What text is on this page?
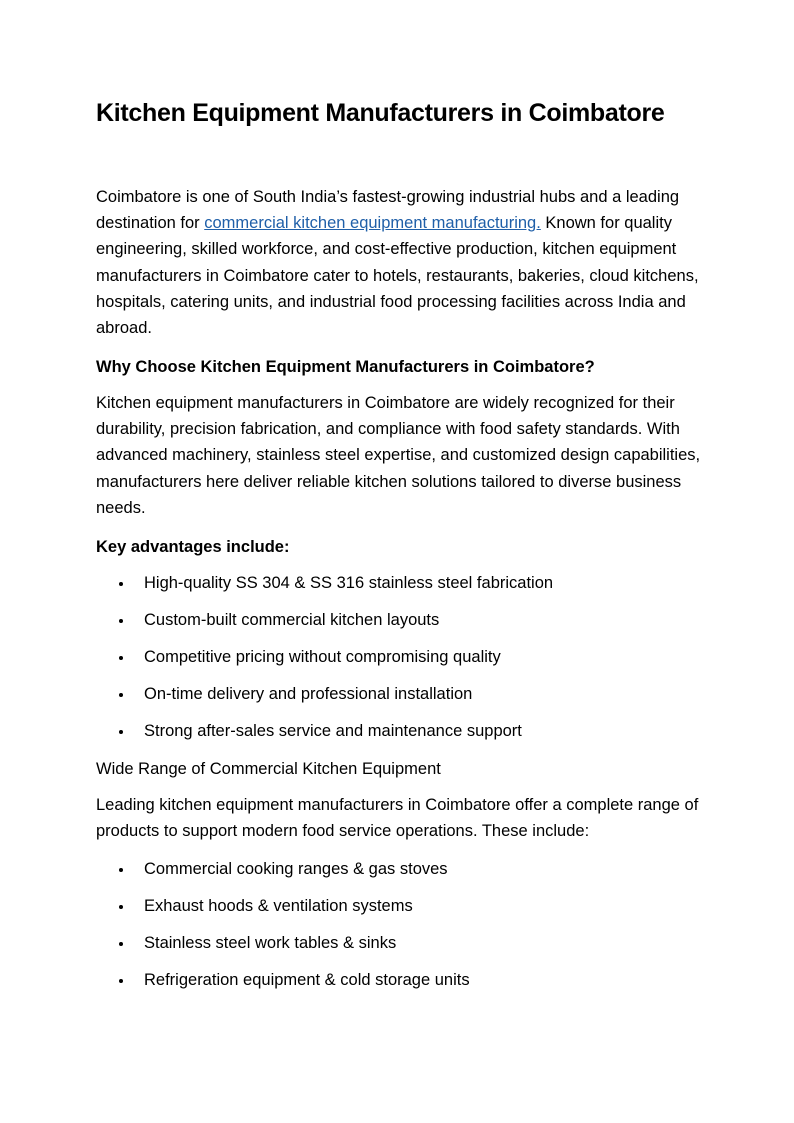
Kitchen Equipment Manufacturers in Coimbatore

Coimbatore is one of South India’s fastest-growing industrial hubs and a leading destination for commercial kitchen equipment manufacturing. Known for quality engineering, skilled workforce, and cost-effective production, kitchen equipment manufacturers in Coimbatore cater to hotels, restaurants, bakeries, cloud kitchens, hospitals, catering units, and industrial food processing facilities across India and abroad.

Why Choose Kitchen Equipment Manufacturers in Coimbatore?

Kitchen equipment manufacturers in Coimbatore are widely recognized for their durability, precision fabrication, and compliance with food safety standards. With advanced machinery, stainless steel expertise, and customized design capabilities, manufacturers here deliver reliable kitchen solutions tailored to diverse business needs.

Key advantages include:

High-quality SS 304 & SS 316 stainless steel fabrication
Custom-built commercial kitchen layouts
Competitive pricing without compromising quality
On-time delivery and professional installation
Strong after-sales service and maintenance support

Wide Range of Commercial Kitchen Equipment

Leading kitchen equipment manufacturers in Coimbatore offer a complete range of products to support modern food service operations. These include:

Commercial cooking ranges & gas stoves
Exhaust hoods & ventilation systems
Stainless steel work tables & sinks
Refrigeration equipment & cold storage units
